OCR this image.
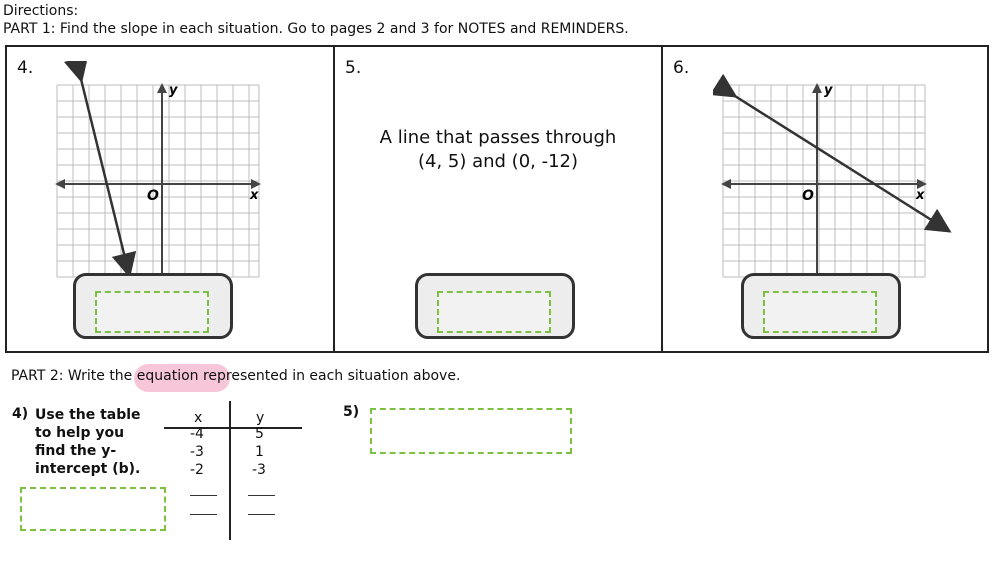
Directions:
PART 1: Find the slope in each situation. Go to pages 2 and 3 for NOTES and REMINDERS.
4.
y
x
O
5.
A line that passes through
(4, 5) and (0, -12)
6.
y
x
O
PART 2: Write the equation represented in each situation above.
4) Use the table
to help you
find the y-
intercept (b).
x	y
-4	5
-3	1
-2	-3
5)
